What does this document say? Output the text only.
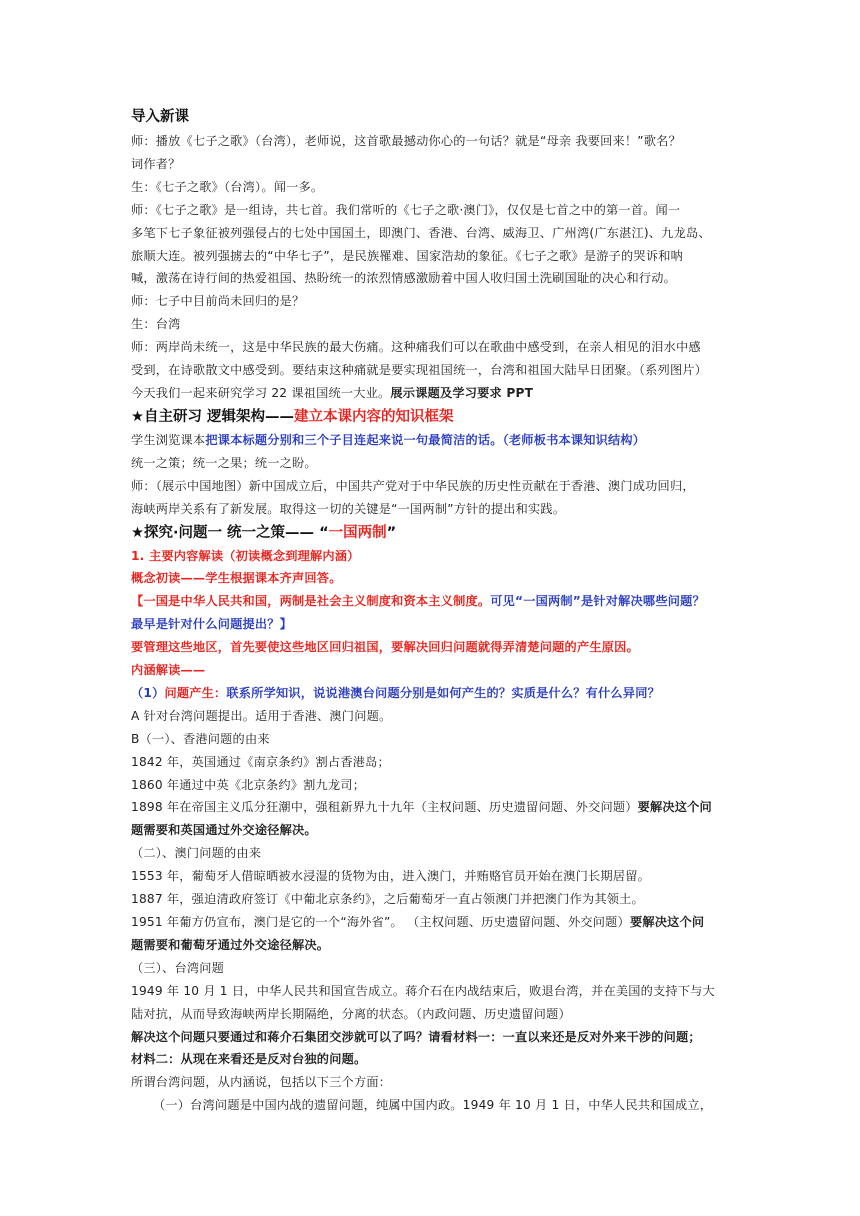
导入新课
师：播放《七子之歌》（台湾），老师说，这首歌最撼动你心的一句话？就是“母亲 我要回来！”歌名？
词作者？
生：《七子之歌》（台湾）。闻一多。
师：《七子之歌》是一组诗，共七首。我们常听的《七子之歌·澳门》，仅仅是七首之中的第一首。闻一
多笔下七子象征被列强侵占的七处中国国土，即澳门、香港、台湾、威海卫、广州湾(广东湛江)、九龙岛、
旅顺大连。被列强掳去的“中华七子”，是民族罹难、国家浩劫的象征。《七子之歌》是游子的哭诉和呐
喊，激荡在诗行间的热爱祖国、热盼统一的浓烈情感激励着中国人收归国土洗刷国耻的决心和行动。
师：七子中目前尚未回归的是？
生：台湾
师：两岸尚未统一，这是中华民族的最大伤痛。这种痛我们可以在歌曲中感受到，在亲人相见的泪水中感
受到，在诗歌散文中感受到。要结束这种痛就是要实现祖国统一，台湾和祖国大陆早日团聚。（系列图片）
今天我们一起来研究学习 22 课祖国统一大业。展示课题及学习要求 PPT
★自主研习 逻辑架构——建立本课内容的知识框架
学生浏览课本把课本标题分别和三个子目连起来说一句最简洁的话。（老师板书本课知识结构）
统一之策；统一之果；统一之盼。
师：（展示中国地图）新中国成立后，中国共产党对于中华民族的历史性贡献在于香港、澳门成功回归，
海峡两岸关系有了新发展。取得这一切的关键是“一国两制”方针的提出和实践。
★探究·问题一 统一之策—— “一国两制”
1. 主要内容解读（初读概念到理解内涵）
概念初读——学生根据课本齐声回答。
【一国是中华人民共和国，两制是社会主义制度和资本主义制度。可见“一国两制”是针对解决哪些问题？
最早是针对什么问题提出？】
要管理这些地区，首先要使这些地区回归祖国，要解决回归问题就得弄清楚问题的产生原因。
内涵解读——
（1）问题产生：联系所学知识，说说港澳台问题分别是如何产生的？实质是什么？有什么异同？
A 针对台湾问题提出。适用于香港、澳门问题。
B（一）、香港问题的由来
1842 年，英国通过《南京条约》割占香港岛；
1860 年通过中英《北京条约》割九龙司；
1898 年在帝国主义瓜分狂潮中，强租新界九十九年（主权问题、历史遗留问题、外交问题）要解决这个问
题需要和英国通过外交途径解决。
（二）、澳门问题的由来
1553 年，葡萄牙人借晾晒被水浸湿的货物为由，进入澳门，并贿赂官员开始在澳门长期居留。
1887 年，强迫清政府签订《中葡北京条约》，之后葡萄牙一直占领澳门并把澳门作为其领土。
1951 年葡方仍宣布，澳门是它的一个“海外省”。 （主权问题、历史遗留问题、外交问题）要解决这个问
题需要和葡萄牙通过外交途径解决。
（三）、台湾问题
1949 年 10 月 1 日，中华人民共和国宣告成立。蒋介石在内战结束后，败退台湾，并在美国的支持下与大
陆对抗，从而导致海峡两岸长期隔绝，分离的状态。（内政问题、历史遗留问题）
解决这个问题只要通过和蒋介石集团交涉就可以了吗？请看材料一：一直以来还是反对外来干涉的问题；
材料二：从现在来看还是反对台独的问题。
所谓台湾问题，从内涵说，包括以下三个方面：
（一）台湾问题是中国内战的遗留问题，纯属中国内政。1949 年 10 月 1 日，中华人民共和国成立，
